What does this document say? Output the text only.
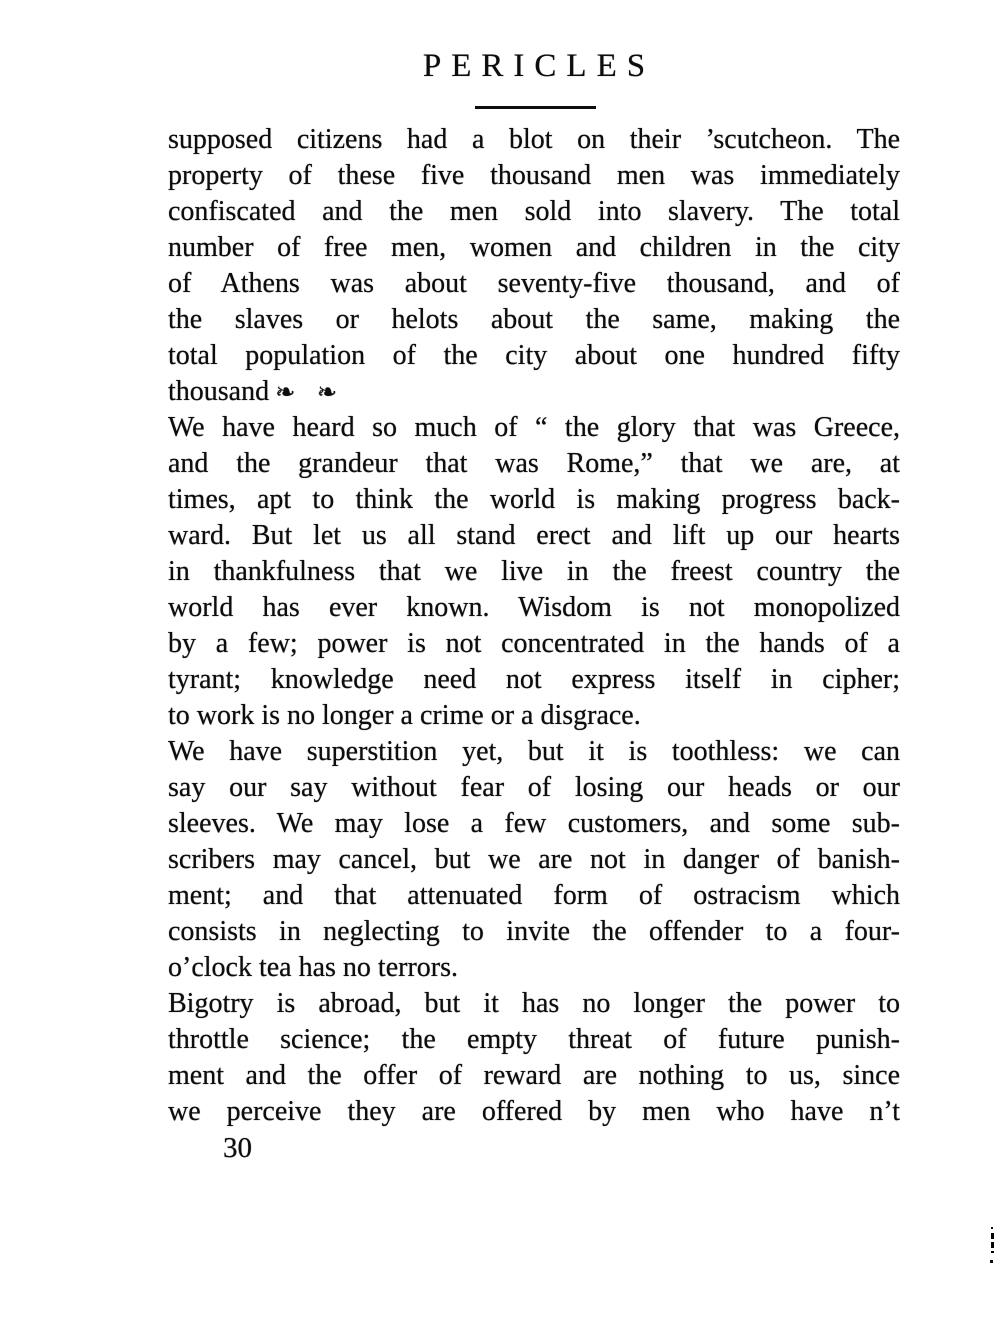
PERICLES
supposed citizens had a blot on their ’scutcheon. The
property of these five thousand men was immediately
confiscated and the men sold into slavery. The total
number of free men, women and children in the city
of Athens was about seventy-five thousand, and of
the slaves or helots about the same, making the
total population of the city about one hundred fifty
thousand ❧ ❧
We have heard so much of “ the glory that was Greece,
and the grandeur that was Rome,” that we are, at
times, apt to think the world is making progress back-
ward. But let us all stand erect and lift up our hearts
in thankfulness that we live in the freest country the
world has ever known. Wisdom is not monopolized
by a few; power is not concentrated in the hands of a
tyrant; knowledge need not express itself in cipher;
to work is no longer a crime or a disgrace.
We have superstition yet, but it is toothless: we can
say our say without fear of losing our heads or our
sleeves. We may lose a few customers, and some sub-
scribers may cancel, but we are not in danger of banish-
ment; and that attenuated form of ostracism which
consists in neglecting to invite the offender to a four-
o’clock tea has no terrors.
Bigotry is abroad, but it has no longer the power to
throttle science; the empty threat of future punish-
ment and the offer of reward are nothing to us, since
we perceive they are offered by men who have n’t
30
